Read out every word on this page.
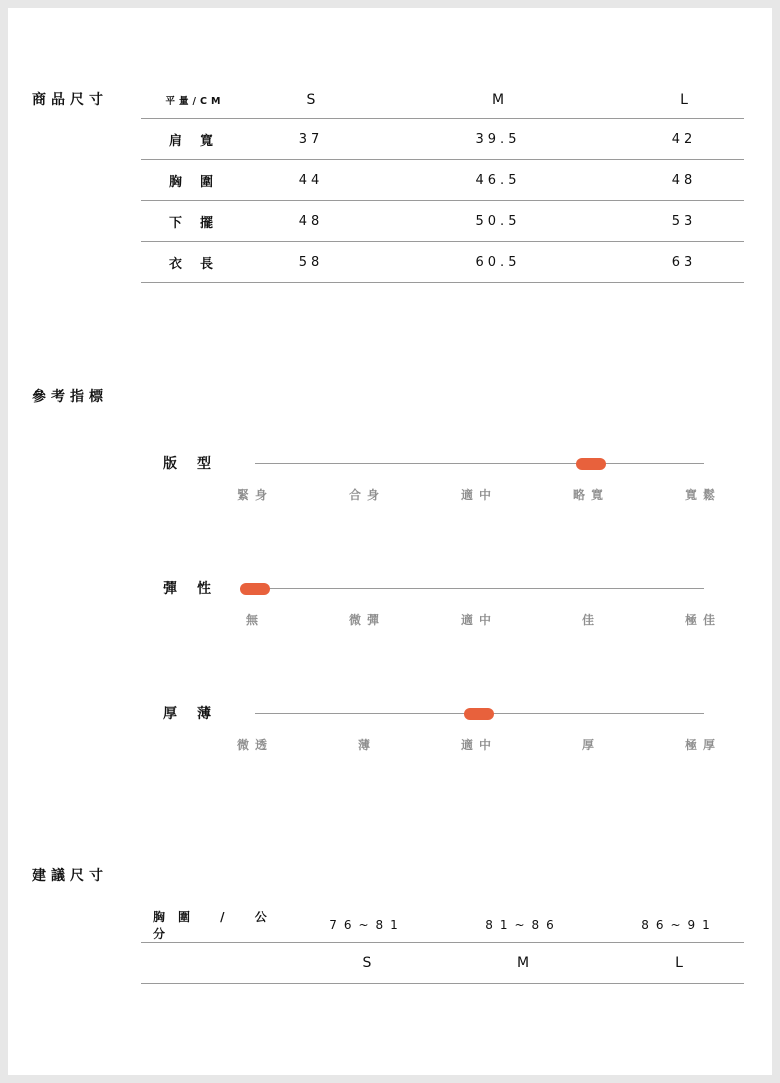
商品尺寸	平量/CM	S	M	L
肩寬	37	39.5	42
胸圍	44	46.5	48
下擺	48	50.5	53
衣長	58	60.5	63
參考指標
版型
緊身	合身	適中	略寬	寬鬆
彈性
無	微彈	適中	佳	極佳
厚薄
微透	薄	適中	厚	極厚
建議尺寸
胸圍 / 公分
76~81	81~86	86~91
S	M	L
